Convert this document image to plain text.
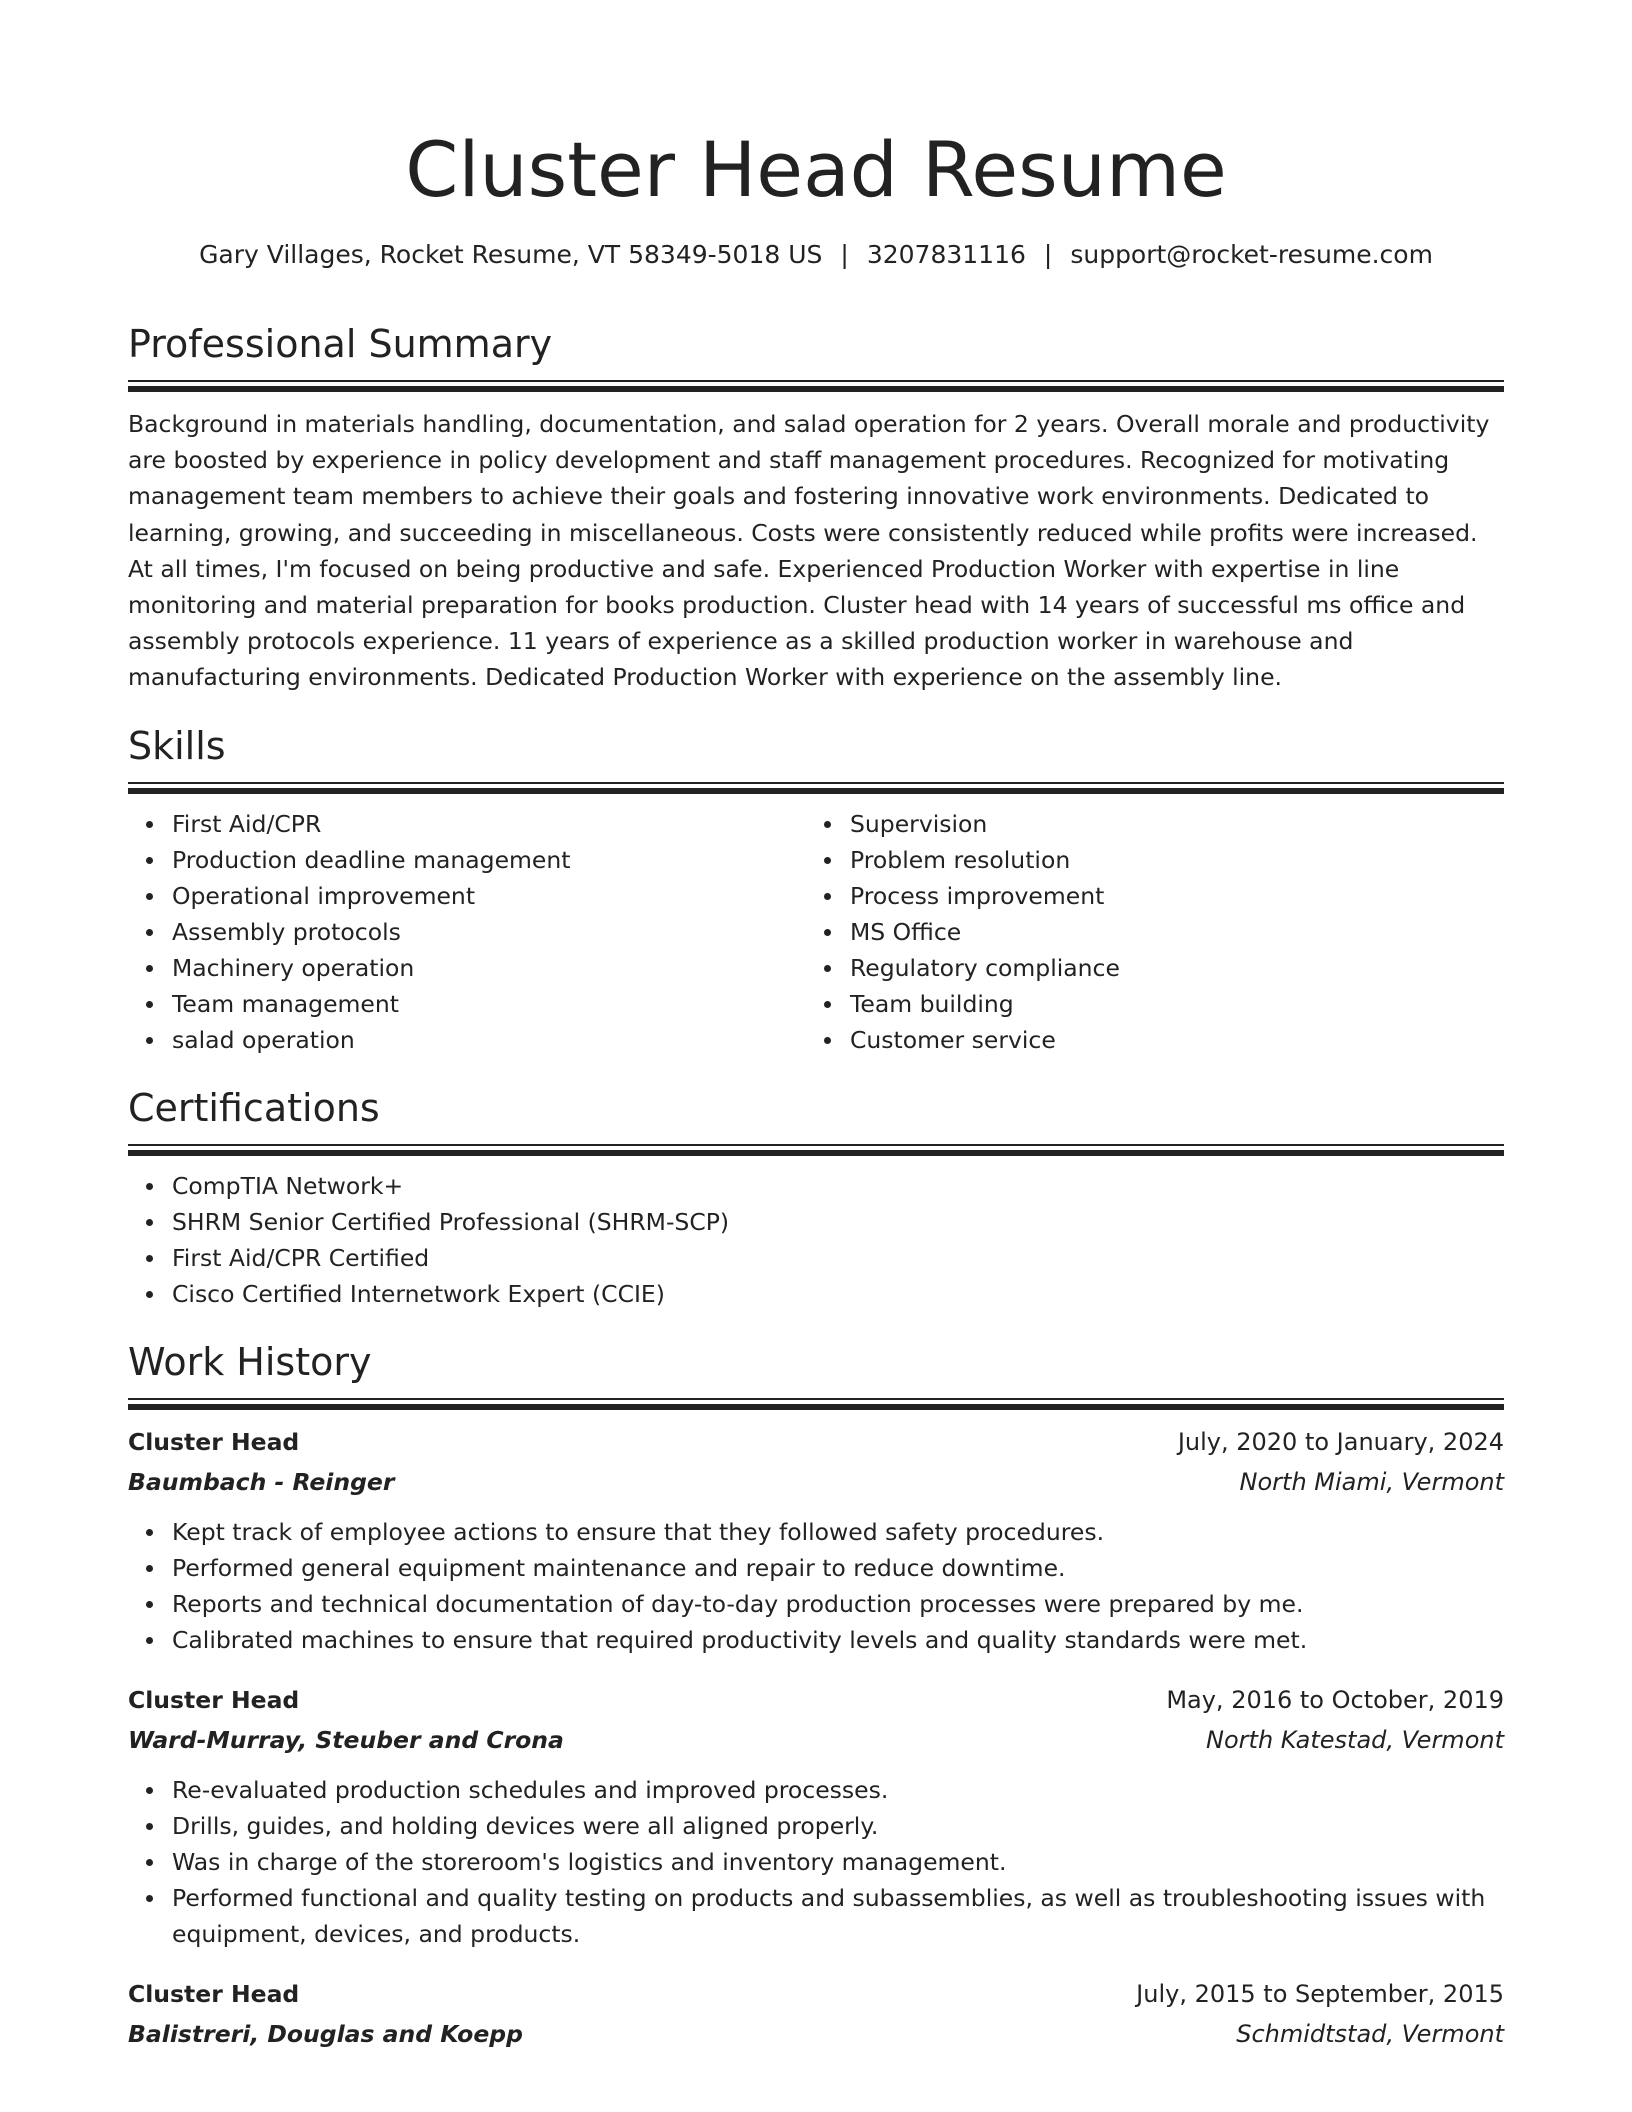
Cluster Head Resume
Gary Villages, Rocket Resume, VT 58349-5018 US | 3207831116 | support@rocket-resume.com
Professional Summary

Background in materials handling, documentation, and salad operation for 2 years. Overall morale and productivity are boosted by experience in policy development and staff management procedures. Recognized for motivating management team members to achieve their goals and fostering innovative work environments. Dedicated to learning, growing, and succeeding in miscellaneous. Costs were consistently reduced while profits were increased. At all times, I'm focused on being productive and safe. Experienced Production Worker with expertise in line monitoring and material preparation for books production. Cluster head with 14 years of successful ms office and assembly protocols experience. 11 years of experience as a skilled production worker in warehouse and manufacturing environments. Dedicated Production Worker with experience on the assembly line.

Skills
First Aid/CPR
Production deadline management
Operational improvement
Assembly protocols
Machinery operation
Team management
salad operation
Supervision
Problem resolution
Process improvement
MS Office
Regulatory compliance
Team building
Customer service
Certifications
CompTIA Network+
SHRM Senior Certified Professional (SHRM-SCP)
First Aid/CPR Certified
Cisco Certified Internetwork Expert (CCIE)
Work History
Cluster Head	July, 2020 to January, 2024
Baumbach - Reinger	North Miami, Vermont
Kept track of employee actions to ensure that they followed safety procedures.
Performed general equipment maintenance and repair to reduce downtime.
Reports and technical documentation of day-to-day production processes were prepared by me.
Calibrated machines to ensure that required productivity levels and quality standards were met.
Cluster Head	May, 2016 to October, 2019
Ward-Murray, Steuber and Crona	North Katestad, Vermont
Re-evaluated production schedules and improved processes.
Drills, guides, and holding devices were all aligned properly.
Was in charge of the storeroom's logistics and inventory management.
Performed functional and quality testing on products and subassemblies, as well as troubleshooting issues with equipment, devices, and products.
Cluster Head	July, 2015 to September, 2015
Balistreri, Douglas and Koepp	Schmidtstad, Vermont
